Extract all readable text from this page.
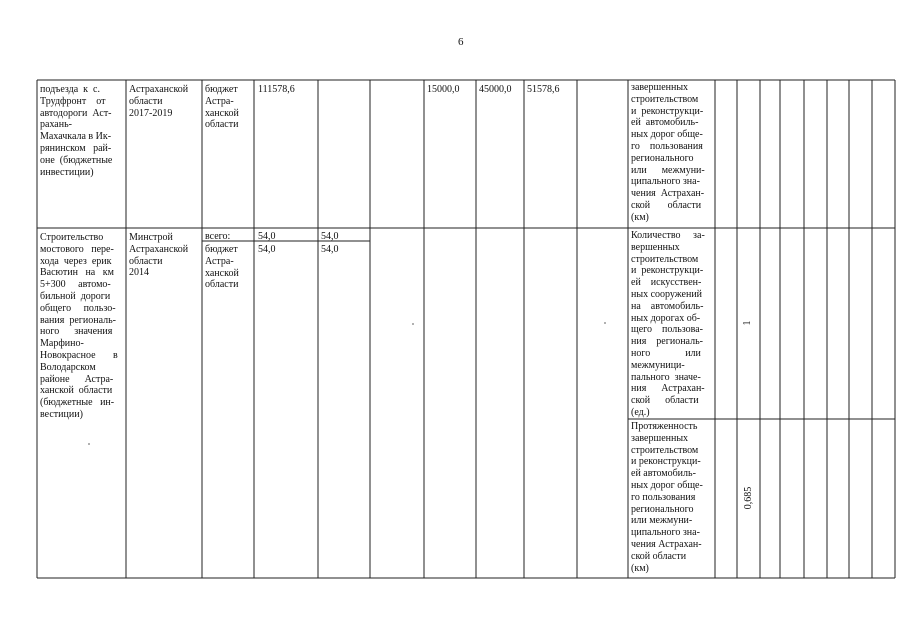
6
подъезда  к  с.
Трудфронт    от
автодороги  Аст-
рахань-
Махачкала в Ик-
рянинском   рай-
оне  (бюджетные
инвестиции)
Астраханской
области
2017-2019
бюджет
Астра-
ханской
области
111578,6	15000,0 45000,0 51578,6	завершенных
строительством
и  реконструкци-
ей  автомобиль-
ных дорог обще-
го    пользования
регионального
или      межмуни-
ципального зна-
чения  Астрахан-
ской       области
(км)
Строительство
мостового   пере-
хода  через  ерик
Васютин   на   км
5+300     автомо-
бильной  дороги
общего     пользо-
вания  региональ-
ного      значения
Марфино-
Новокрасное       в
Володарском
районе      Астра-
ханской  области
(бюджетные   ин-
вестиции)
Минстрой
Астраханской
области
2014
всего:
бюджет
Астра-
ханской
области
54,0
54,0
54,0
54,0
Количество     за-
вершенных
строительством
и  реконструкци-
ей    искусствен-
ных сооружений
на    автомобиль-
ных дорогах об-
щего    пользова-
ния    региональ-
ного              или
межмуници-
пального  значе-
ния      Астрахан-
ской      области
(ед.)
1
Протяженность
завершенных
строительством
и реконструкци-
ей автомобиль-
ных дорог обще-
го пользования
регионального
или межмуни-
ципального зна-
чения Астрахан-
ской области
(км)
0,685
